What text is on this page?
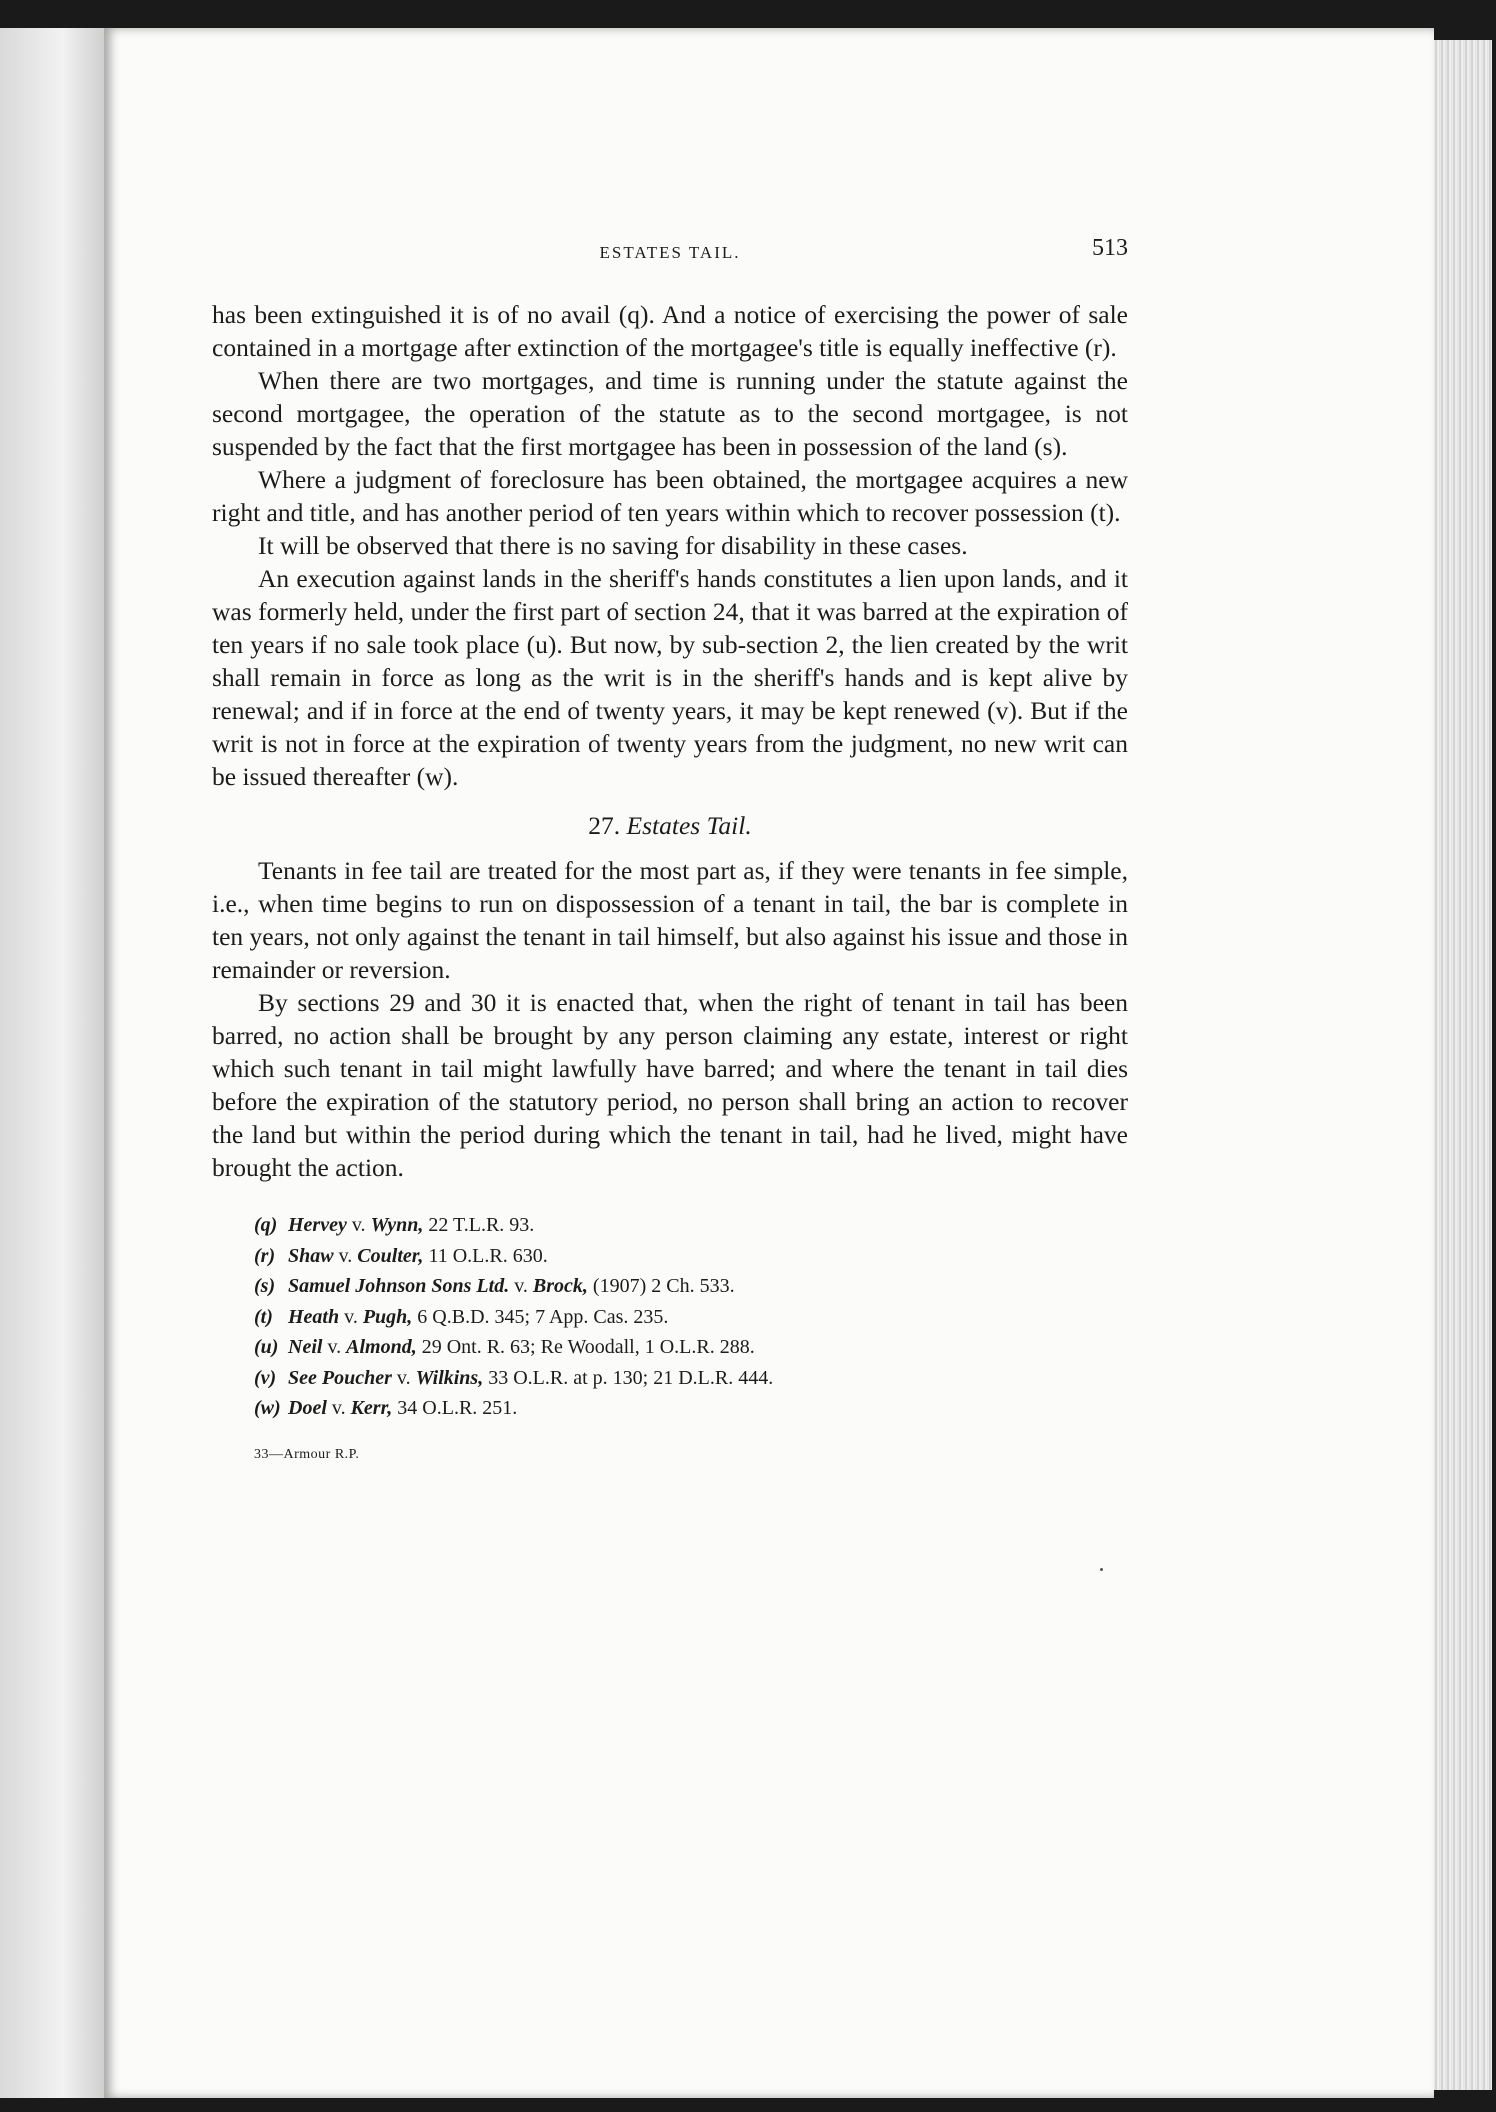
ESTATES TAIL.	513

has been extinguished it is of no avail (q). And a notice of exercising the power of sale contained in a mortgage after extinction of the mortgagee's title is equally ineffective (r).

When there are two mortgages, and time is running under the statute against the second mortgagee, the operation of the statute as to the second mortgagee, is not suspended by the fact that the first mortgagee has been in possession of the land (s).

Where a judgment of foreclosure has been obtained, the mortgagee acquires a new right and title, and has another period of ten years within which to recover possession (t).

It will be observed that there is no saving for disability in these cases.

An execution against lands in the sheriff's hands constitutes a lien upon lands, and it was formerly held, under the first part of section 24, that it was barred at the expiration of ten years if no sale took place (u). But now, by sub-section 2, the lien created by the writ shall remain in force as long as the writ is in the sheriff's hands and is kept alive by renewal; and if in force at the end of twenty years, it may be kept renewed (v). But if the writ is not in force at the expiration of twenty years from the judgment, no new writ can be issued thereafter (w).

27. Estates Tail.

Tenants in fee tail are treated for the most part as, if they were tenants in fee simple, i.e., when time begins to run on dispossession of a tenant in tail, the bar is complete in ten years, not only against the tenant in tail himself, but also against his issue and those in remainder or reversion.

By sections 29 and 30 it is enacted that, when the right of tenant in tail has been barred, no action shall be brought by any person claiming any estate, interest or right which such tenant in tail might lawfully have barred; and where the tenant in tail dies before the expiration of the statutory period, no person shall bring an action to recover the land but within the period during which the tenant in tail, had he lived, might have brought the action.

(q) Hervey v. Wynn, 22 T.L.R. 93.
(r) Shaw v. Coulter, 11 O.L.R. 630.
(s) Samuel Johnson Sons Ltd. v. Brock, (1907) 2 Ch. 533.
(t) Heath v. Pugh, 6 Q.B.D. 345; 7 App. Cas. 235.
(u) Neil v. Almond, 29 Ont. R. 63; Re Woodall, 1 O.L.R. 288.
(v) See Poucher v. Wilkins, 33 O.L.R. at p. 130; 21 D.L.R. 444.
(w) Doel v. Kerr, 34 O.L.R. 251.
33—Armour R.P.
